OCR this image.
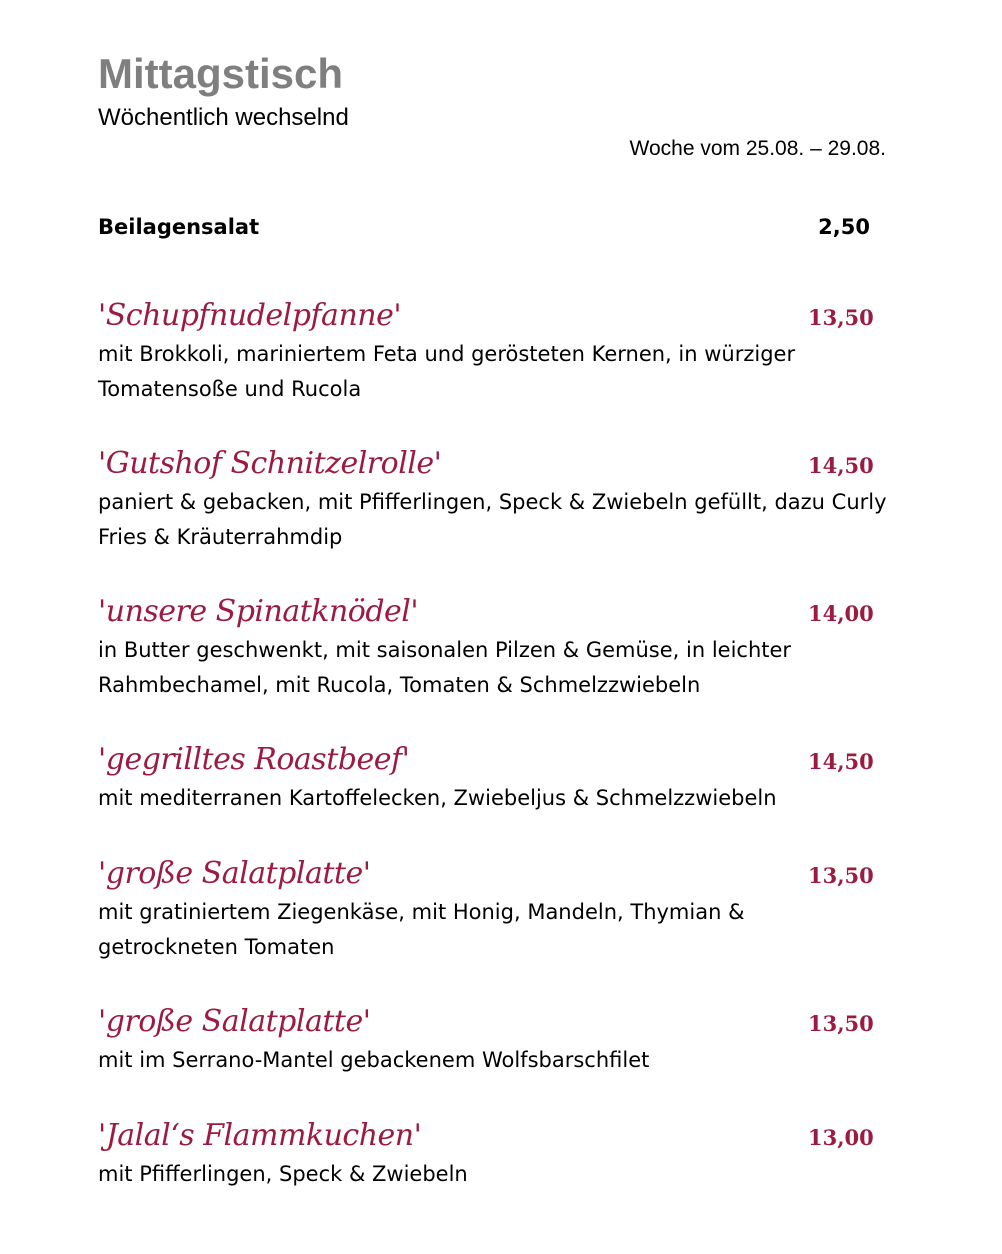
Mittagstisch
Wöchentlich wechselnd
Woche vom 25.08. – 29.08.
Beilagensalat	2,50
'Schupfnudelpfanne'	13,50
mit Brokkoli, mariniertem Feta und gerösteten Kernen, in würziger Tomatensoße und Rucola
'Gutshof Schnitzelrolle'	14,50
paniert & gebacken, mit Pfifferlingen, Speck & Zwiebeln gefüllt, dazu Curly Fries & Kräuterrahmdip
'unsere Spinatknödel'	14,00
in Butter geschwenkt, mit saisonalen Pilzen & Gemüse, in leichter Rahmbechamel, mit Rucola, Tomaten & Schmelzzwiebeln
'gegrilltes Roastbeef'	14,50
mit mediterranen Kartoffelecken, Zwiebeljus & Schmelzzwiebeln
'große Salatplatte'	13,50
mit gratiniertem Ziegenkäse, mit Honig, Mandeln, Thymian & getrockneten Tomaten
'große Salatplatte'	13,50
mit im Serrano-Mantel gebackenem Wolfsbarschfilet
'Jalal‘s Flammkuchen'	13,00
mit Pfifferlingen, Speck & Zwiebeln
